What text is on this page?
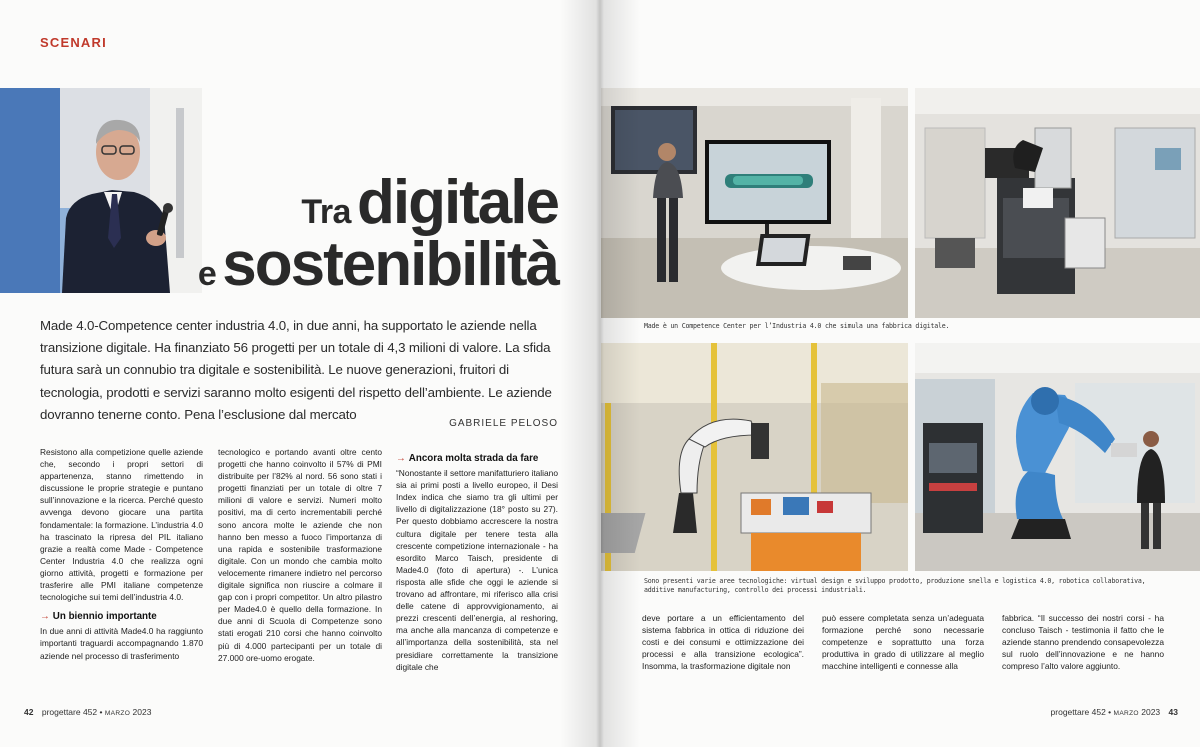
SCENARI
Tradigitale
esostenibilità

Made 4.0-Competence center industria 4.0, in due anni, ha supportato le aziende nella transizione digitale. Ha finanziato 56 progetti per un totale di 4,3 milioni di valore. La sfida futura sarà un connubio tra digitale e sostenibilità. Le nuove generazioni, fruitori di tecnologia, prodotti e servizi saranno molto esigenti del rispetto dell’ambiente. Le aziende dovranno tenerne conto. Pena l’esclusione dal mercato

GABRIELE PELOSO

Resistono alla competizione quelle aziende che, secondo i propri settori di appartenenza, stanno rimettendo in discussione le proprie strategie e puntano sull’innovazione e la ricerca. Perché questo avvenga devono giocare una partita fondamentale: la formazione. L’industria 4.0 ha trascinato la ripresa del PIL italiano grazie a realtà come Made - Competence Center Industria 4.0 che realizza ogni giorno attività, progetti e formazione per trasferire alle PMI italiane competenze tecnologiche sui temi dell’industria 4.0.

→ Un biennio importante

In due anni di attività Made4.0 ha raggiunto importanti traguardi accompagnando 1.870 aziende nel processo di trasferimento

tecnologico e portando avanti oltre cento progetti che hanno coinvolto il 57% di PMI distribuite per l’82% al nord. 56 sono stati i progetti finanziati per un totale di oltre 7 milioni di valore e servizi. Numeri molto positivi, ma di certo incrementabili perché sono ancora molte le aziende che non hanno ben messo a fuoco l’importanza di una rapida e sostenibile trasformazione digitale. Con un mondo che cambia molto velocemente rimanere indietro nel percorso digitale significa non riuscire a colmare il gap con i propri competitor. Un altro pilastro per Made4.0 è quello della formazione. In due anni di Scuola di Competenze sono stati erogati 210 corsi che hanno coinvolto più di 4.000 partecipanti per un totale di 27.000 ore-uomo erogate.

→ Ancora molta strada da fare

“Nonostante il settore manifatturiero italiano sia ai primi posti a livello europeo, il Desi Index indica che siamo tra gli ultimi per livello di digitalizzazione (18° posto su 27). Per questo dobbiamo accrescere la nostra cultura digitale per tenere testa alla crescente competizione internazionale - ha esordito Marco Taisch, presidente di Made4.0 (foto di apertura) -. L’unica risposta alle sfide che oggi le aziende si trovano ad affrontare, mi riferisco alla crisi delle catene di approvvigionamento, ai prezzi crescenti dell’energia, al reshoring, ma anche alla mancanza di competenze e all’importanza della sostenibilità, sta nel presidiare correttamente la transizione digitale che

42 progettare 452 • MARZO 2023
Made è un Competence Center per l’Industria 4.0 che simula una fabbrica digitale.
Sono presenti varie aree tecnologiche: virtual design e sviluppo prodotto, produzione snella e logistica 4.0, robotica collaborativa, additive manufacturing, controllo dei processi industriali.
deve portare a un efficientamento del sistema fabbrica in ottica di riduzione dei costi e dei consumi e ottimizzazione dei processi e alla transizione ecologica”. Insomma, la trasformazione digitale non
può essere completata senza un’adeguata formazione perché sono necessarie competenze e soprattutto una forza produttiva in grado di utilizzare al meglio macchine intelligenti e connesse alla
fabbrica. “Il successo dei nostri corsi - ha concluso Taisch - testimonia il fatto che le aziende stanno prendendo consapevolezza sul ruolo dell’innovazione e ne hanno compreso l’alto valore aggiunto.
progettare 452 • MARZO 2023 43
